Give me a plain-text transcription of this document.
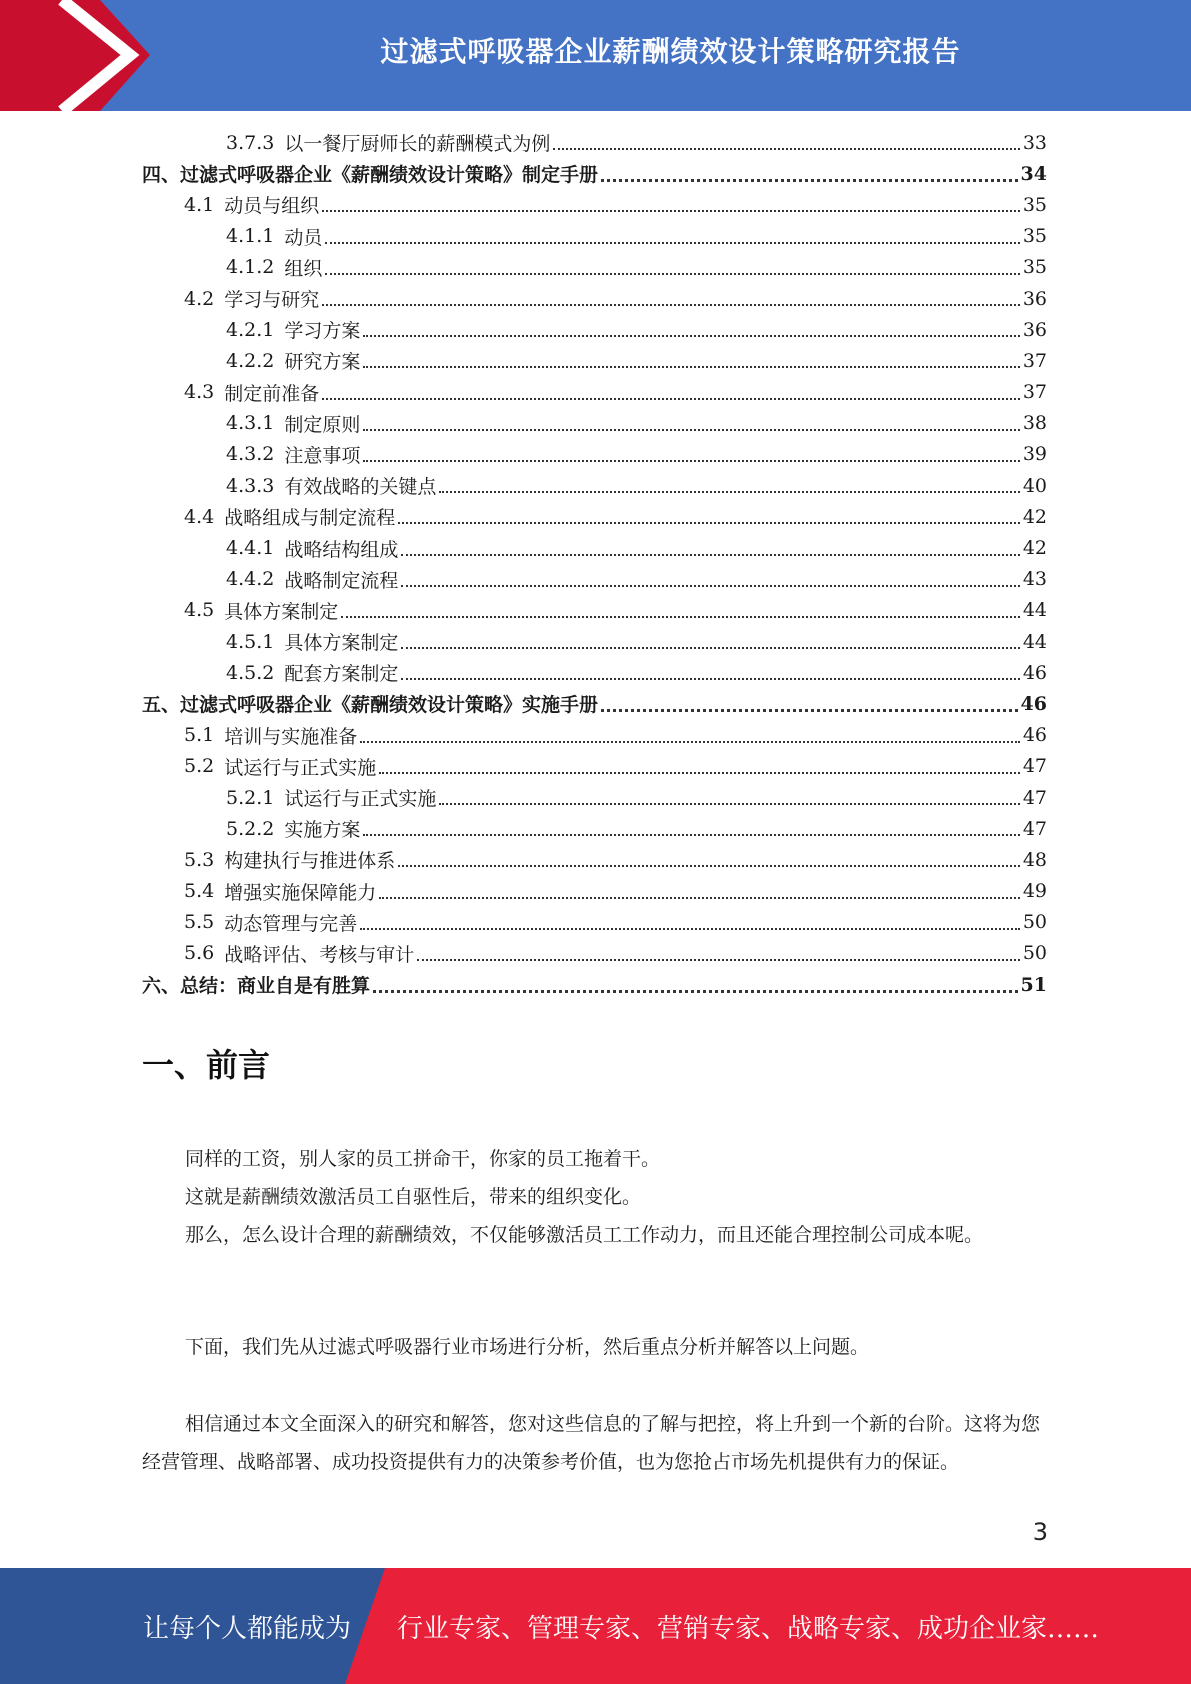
过滤式呼吸器企业薪酬绩效设计策略研究报告
3.7.3 以一餐厅厨师长的薪酬模式为例	33
四、过滤式呼吸器企业《薪酬绩效设计策略》制定手册	34
4.1 动员与组织	35
4.1.1 动员	35
4.1.2 组织	35
4.2 学习与研究	36
4.2.1 学习方案	36
4.2.2 研究方案	37
4.3 制定前准备	37
4.3.1 制定原则	38
4.3.2 注意事项	39
4.3.3 有效战略的关键点	40
4.4 战略组成与制定流程	42
4.4.1 战略结构组成	42
4.4.2 战略制定流程	43
4.5 具体方案制定	44
4.5.1 具体方案制定	44
4.5.2 配套方案制定	46
五、过滤式呼吸器企业《薪酬绩效设计策略》实施手册	46
5.1 培训与实施准备	46
5.2 试运行与正式实施	47
5.2.1 试运行与正式实施	47
5.2.2 实施方案	47
5.3 构建执行与推进体系	48
5.4 增强实施保障能力	49
5.5 动态管理与完善	50
5.6 战略评估、考核与审计	50
六、总结：商业自是有胜算	51
一、前言

同样的工资，别人家的员工拼命干，你家的员工拖着干。

这就是薪酬绩效激活员工自驱性后，带来的组织变化。

那么，怎么设计合理的薪酬绩效，不仅能够激活员工工作动力，而且还能合理控制公司成本呢。

下面，我们先从过滤式呼吸器行业市场进行分析，然后重点分析并解答以上问题。

相信通过本文全面深入的研究和解答，您对这些信息的了解与把控，将上升到一个新的台阶。这将为您经营管理、战略部署、成功投资提供有力的决策参考价值，也为您抢占市场先机提供有力的保证。

3
让每个人都能成为 行业专家、管理专家、营销专家、战略专家、成功企业家……
